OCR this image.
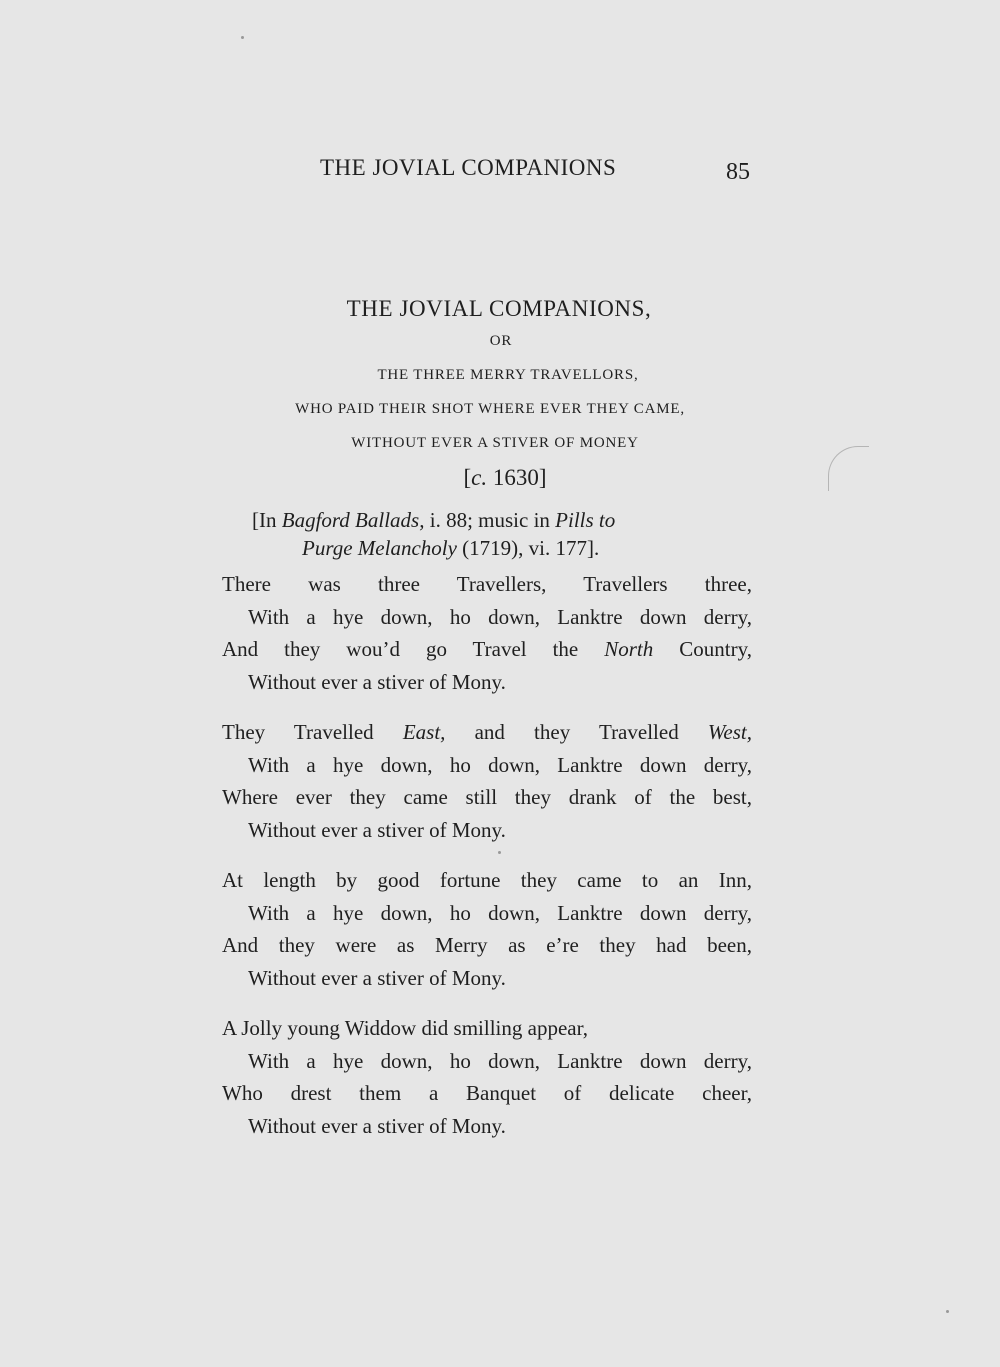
THE JOVIAL COMPANIONS	85

THE JOVIAL COMPANIONS,

OR

THE THREE MERRY TRAVELLORS,

WHO PAID THEIR SHOT WHERE EVER THEY CAME,

WITHOUT EVER A STIVER OF MONEY

[c. 1630]

[In Bagford Ballads, i. 88; music in Pills to
Purge Melancholy (1719), vi. 177].
There was three Travellers, Travellers three,
With a hye down, ho down, Lanktre down derry,
And they wou’d go Travel the North Country,
Without ever a stiver of Mony.
They Travelled East, and they Travelled West,
With a hye down, ho down, Lanktre down derry,
Where ever they came still they drank of the best,
Without ever a stiver of Mony.
At length by good fortune they came to an Inn,
With a hye down, ho down, Lanktre down derry,
And they were as Merry as e’re they had been,
Without ever a stiver of Mony.
A Jolly young Widdow did smilling appear,
With a hye down, ho down, Lanktre down derry,
Who drest them a Banquet of delicate cheer,
Without ever a stiver of Mony.
